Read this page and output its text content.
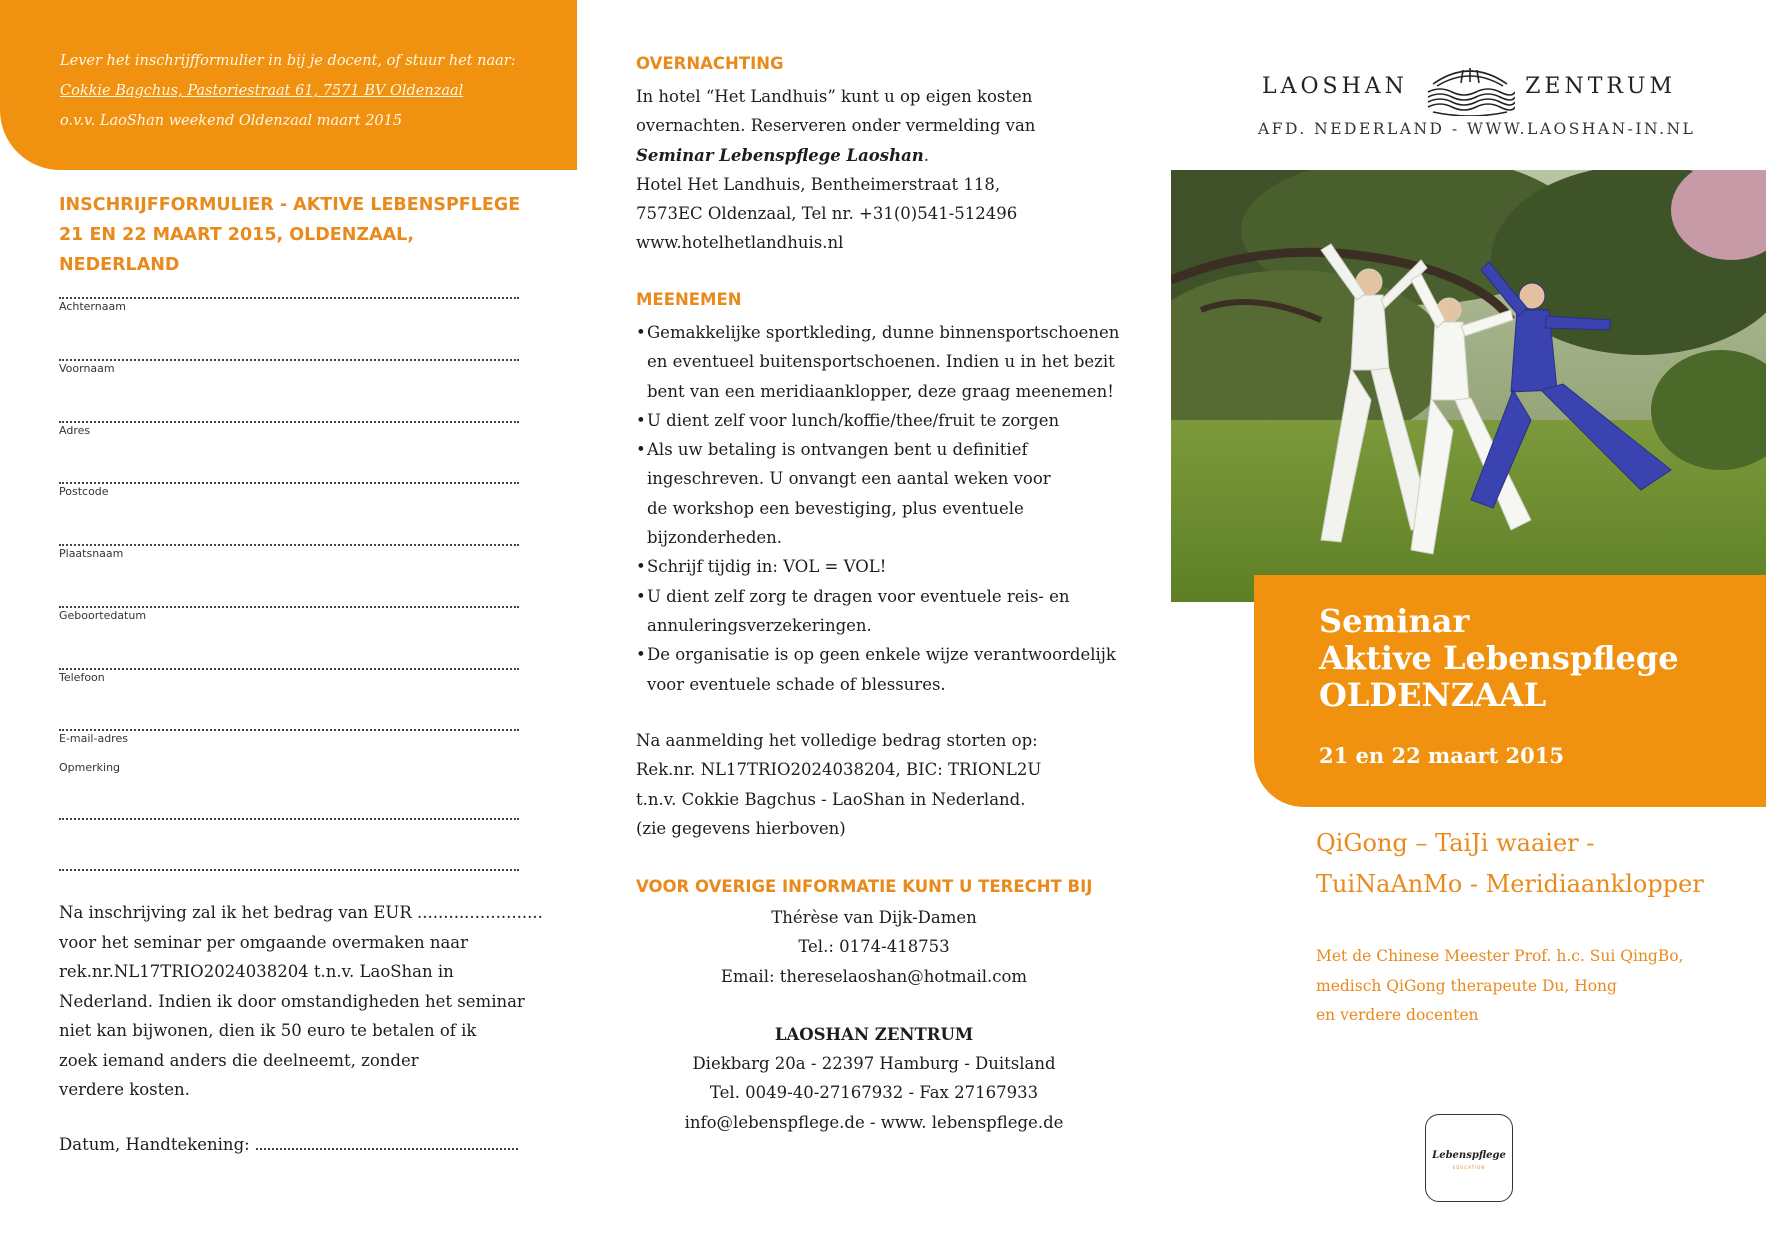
Lever het inschrijfformulier in bij je docent, of stuur het naar:
Cokkie Bagchus, Pastoriestraat 61, 7571 BV Oldenzaal
o.v.v. LaoShan weekend Oldenzaal maart 2015
INSCHRIJFFORMULIER - AKTIVE LEBENSPFLEGE
21 EN 22 MAART 2015, OLDENZAAL, NEDERLAND
Achternaam
Voornaam
Adres
Postcode
Plaatsnaam
Geboortedatum
Telefoon
E-mail-adres
Opmerking
Na inschrijving zal ik het bedrag van EUR ........................
voor het seminar per omgaande overmaken naar
rek.nr.NL17TRIO2024038204 t.n.v. LaoShan in
Nederland. Indien ik door omstandigheden het seminar
niet kan bijwonen, dien ik 50 euro te betalen of ik
zoek iemand anders die deelneemt, zonder
verdere kosten.
Datum, Handtekening:
OVERNACHTING
In hotel “Het Landhuis” kunt u op eigen kosten
overnachten. Reserveren onder vermelding van
Seminar Lebenspflege Laoshan.
Hotel Het Landhuis, Bentheimerstraat 118,
7573EC Oldenzaal, Tel nr. +31(0)541-512496
www.hotelhetlandhuis.nl
MEENEMEN
• Gemakkelijke sportkleding, dunne binnensportschoenen
en eventueel buitensportschoenen. Indien u in het bezit
bent van een meridiaanklopper, deze graag meenemen!
• U dient zelf voor lunch/koffie/thee/fruit te zorgen
• Als uw betaling is ontvangen bent u definitief
ingeschreven. U onvangt een aantal weken voor
de workshop een bevestiging, plus eventuele
bijzonderheden.
• Schrijf tijdig in: VOL = VOL!
• U dient zelf zorg te dragen voor eventuele reis- en
annuleringsverzekeringen.
• De organisatie is op geen enkele wijze verantwoordelijk
voor eventuele schade of blessures.
Na aanmelding het volledige bedrag storten op:
Rek.nr. NL17TRIO2024038204, BIC: TRIONL2U
t.n.v. Cokkie Bagchus - LaoShan in Nederland.
(zie gegevens hierboven)
VOOR OVERIGE INFORMATIE KUNT U TERECHT BIJ
Thérèse van Dijk-Damen
Tel.: 0174-418753
Email: thereselaoshan@hotmail.com
LAOSHAN ZENTRUM
Diekbarg 20a - 22397 Hamburg - Duitsland
Tel. 0049-40-27167932 - Fax 27167933
info@lebenspflege.de - www. lebenspflege.de
LAOSHAN	ZENTRUM
AFD. NEDERLAND - WWW.LAOSHAN-IN.NL
Seminar
Aktive Lebenspflege
OLDENZAAL
21 en 22 maart 2015
QiGong – TaiJi waaier -
TuiNaAnMo - Meridiaanklopper
Met de Chinese Meester Prof. h.c. Sui QingBo,
medisch QiGong therapeute Du, Hong
en verdere docenten
Lebenspflege
EDUCATION
